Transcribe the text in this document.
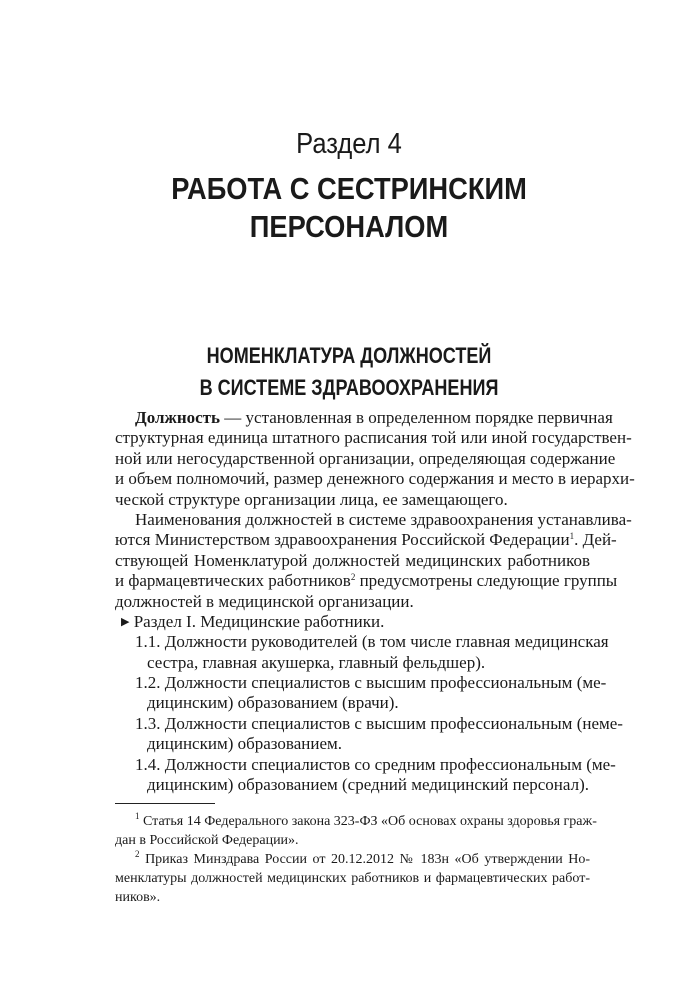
Раздел 4
РАБОТА С СЕСТРИНСКИМ
ПЕРСОНАЛОМ
НОМЕНКЛАТУРА ДОЛЖНОСТЕЙ
В СИСТЕМЕ ЗДРАВООХРАНЕНИЯ
Должность — установленная в определенном порядке первичная
структурная единица штатного расписания той или иной государствен-
ной или негосударственной организации, определяющая содержание
и объем полномочий, размер денежного содержания и место в иерархи-
ческой структуре организации лица, ее замещающего.
Наименования должностей в системе здравоохранения устанавлива-
ются Министерством здравоохранения Российской Федерации$^1$. Дей-
ствующей Номенклатурой должностей медицинских работников
и фармацевтических работников$^2$ предусмотрены следующие группы
должностей в медицинской организации.
▶ Раздел I. Медицинские работники.
1.1. Должности руководителей (в том числе главная медицинская
сестра, главная акушерка, главный фельдшер).
1.2. Должности специалистов с высшим профессиональным (ме-
дицинским) образованием (врачи).
1.3. Должности специалистов с высшим профессиональным (неме-
дицинским) образованием.
1.4. Должности специалистов со средним профессиональным (ме-
дицинским) образованием (средний медицинский персонал).
$^1$ Статья 14 Федерального закона 323-ФЗ «Об основах охраны здоровья граж-
дан в Российской Федерации».
$^2$ Приказ Минздрава России от 20.12.2012 № 183н «Об утверждении Но-
менклатуры должностей медицинских работников и фармацевтических работ-
ников».
